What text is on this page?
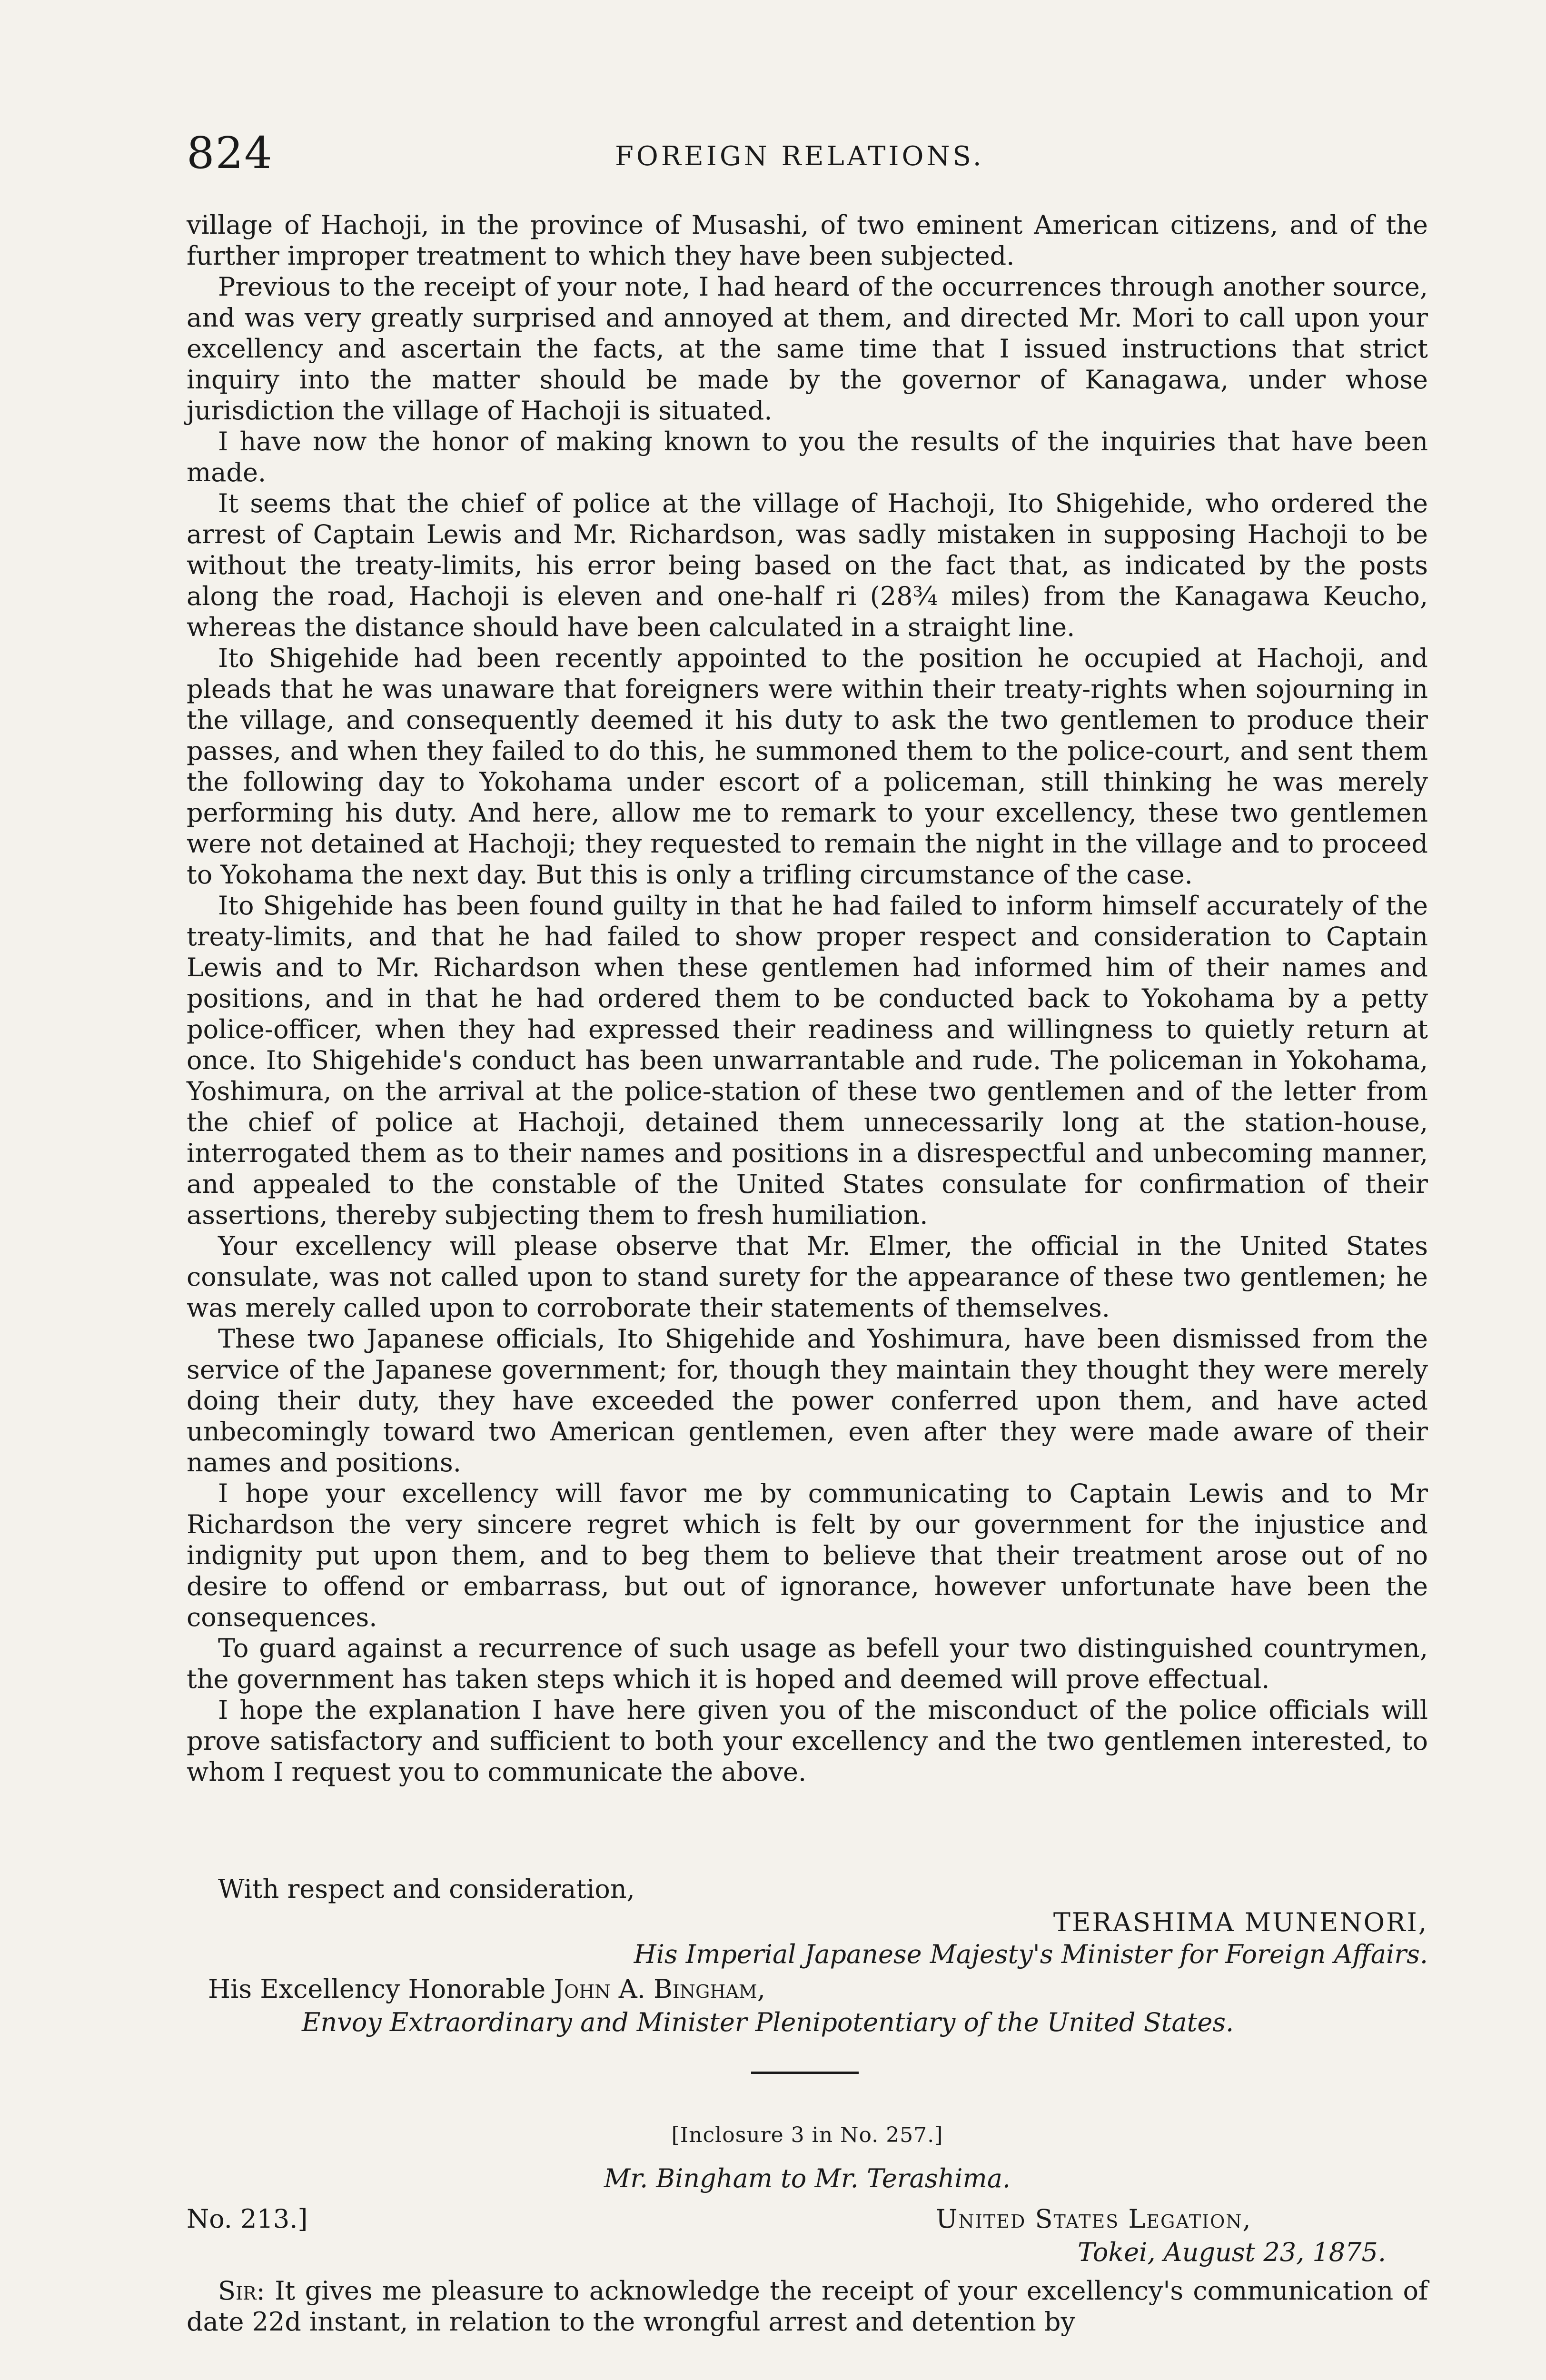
824	FOREIGN RELATIONS.

village of Hachoji, in the province of Musashi, of two eminent American citizens, and of the further improper treatment to which they have been subjected.

Previous to the receipt of your note, I had heard of the occurrences through another source, and was very greatly surprised and annoyed at them, and directed Mr. Mori to call upon your excellency and ascertain the facts, at the same time that I issued instructions that strict inquiry into the matter should be made by the governor of Kanagawa, under whose jurisdiction the village of Hachoji is situated.

I have now the honor of making known to you the results of the inquiries that have been made.

It seems that the chief of police at the village of Hachoji, Ito Shigehide, who ordered the arrest of Captain Lewis and Mr. Richardson, was sadly mistaken in supposing Hachoji to be without the treaty-limits, his error being based on the fact that, as indicated by the posts along the road, Hachoji is eleven and one-half ri (28¾ miles) from the Kanagawa Keucho, whereas the distance should have been calculated in a straight line.

Ito Shigehide had been recently appointed to the position he occupied at Hachoji, and pleads that he was unaware that foreigners were within their treaty-rights when sojourning in the village, and consequently deemed it his duty to ask the two gentlemen to produce their passes, and when they failed to do this, he summoned them to the police-court, and sent them the following day to Yokohama under escort of a policeman, still thinking he was merely performing his duty. And here, allow me to remark to your excellency, these two gentlemen were not detained at Hachoji; they requested to remain the night in the village and to proceed to Yokohama the next day. But this is only a trifling circumstance of the case.

Ito Shigehide has been found guilty in that he had failed to inform himself accurately of the treaty-limits, and that he had failed to show proper respect and consideration to Captain Lewis and to Mr. Richardson when these gentlemen had informed him of their names and positions, and in that he had ordered them to be conducted back to Yokohama by a petty police-officer, when they had expressed their readiness and willingness to quietly return at once. Ito Shigehide's conduct has been unwarrantable and rude. The policeman in Yokohama, Yoshimura, on the arrival at the police-station of these two gentlemen and of the letter from the chief of police at Hachoji, detained them unnecessarily long at the station-house, interrogated them as to their names and positions in a disrespectful and unbecoming manner, and appealed to the constable of the United States consulate for confirmation of their assertions, thereby subjecting them to fresh humiliation.

Your excellency will please observe that Mr. Elmer, the official in the United States consulate, was not called upon to stand surety for the appearance of these two gentlemen; he was merely called upon to corroborate their statements of themselves.

These two Japanese officials, Ito Shigehide and Yoshimura, have been dismissed from the service of the Japanese government; for, though they maintain they thought they were merely doing their duty, they have exceeded the power conferred upon them, and have acted unbecomingly toward two American gentlemen, even after they were made aware of their names and positions.

I hope your excellency will favor me by communicating to Captain Lewis and to Mr Richardson the very sincere regret which is felt by our government for the injustice and indignity put upon them, and to beg them to believe that their treatment arose out of no desire to offend or embarrass, but out of ignorance, however unfortunate have been the consequences.

To guard against a recurrence of such usage as befell your two distinguished countrymen, the government has taken steps which it is hoped and deemed will prove effectual.

I hope the explanation I have here given you of the misconduct of the police officials will prove satisfactory and sufficient to both your excellency and the two gentlemen interested, to whom I request you to communicate the above.

With respect and consideration,
TERASHIMA MUNENORI,
His Imperial Japanese Majesty's Minister for Foreign Affairs.
His Excellency Honorable John A. Bingham,
Envoy Extraordinary and Minister Plenipotentiary of the United States.
[Inclosure 3 in No. 257.]
Mr. Bingham to Mr. Terashima.
No. 213.]	United States Legation,
Tokei, August 23, 1875.
Sir: It gives me pleasure to acknowledge the receipt of your excellency's communication of date 22d instant, in relation to the wrongful arrest and detention by
